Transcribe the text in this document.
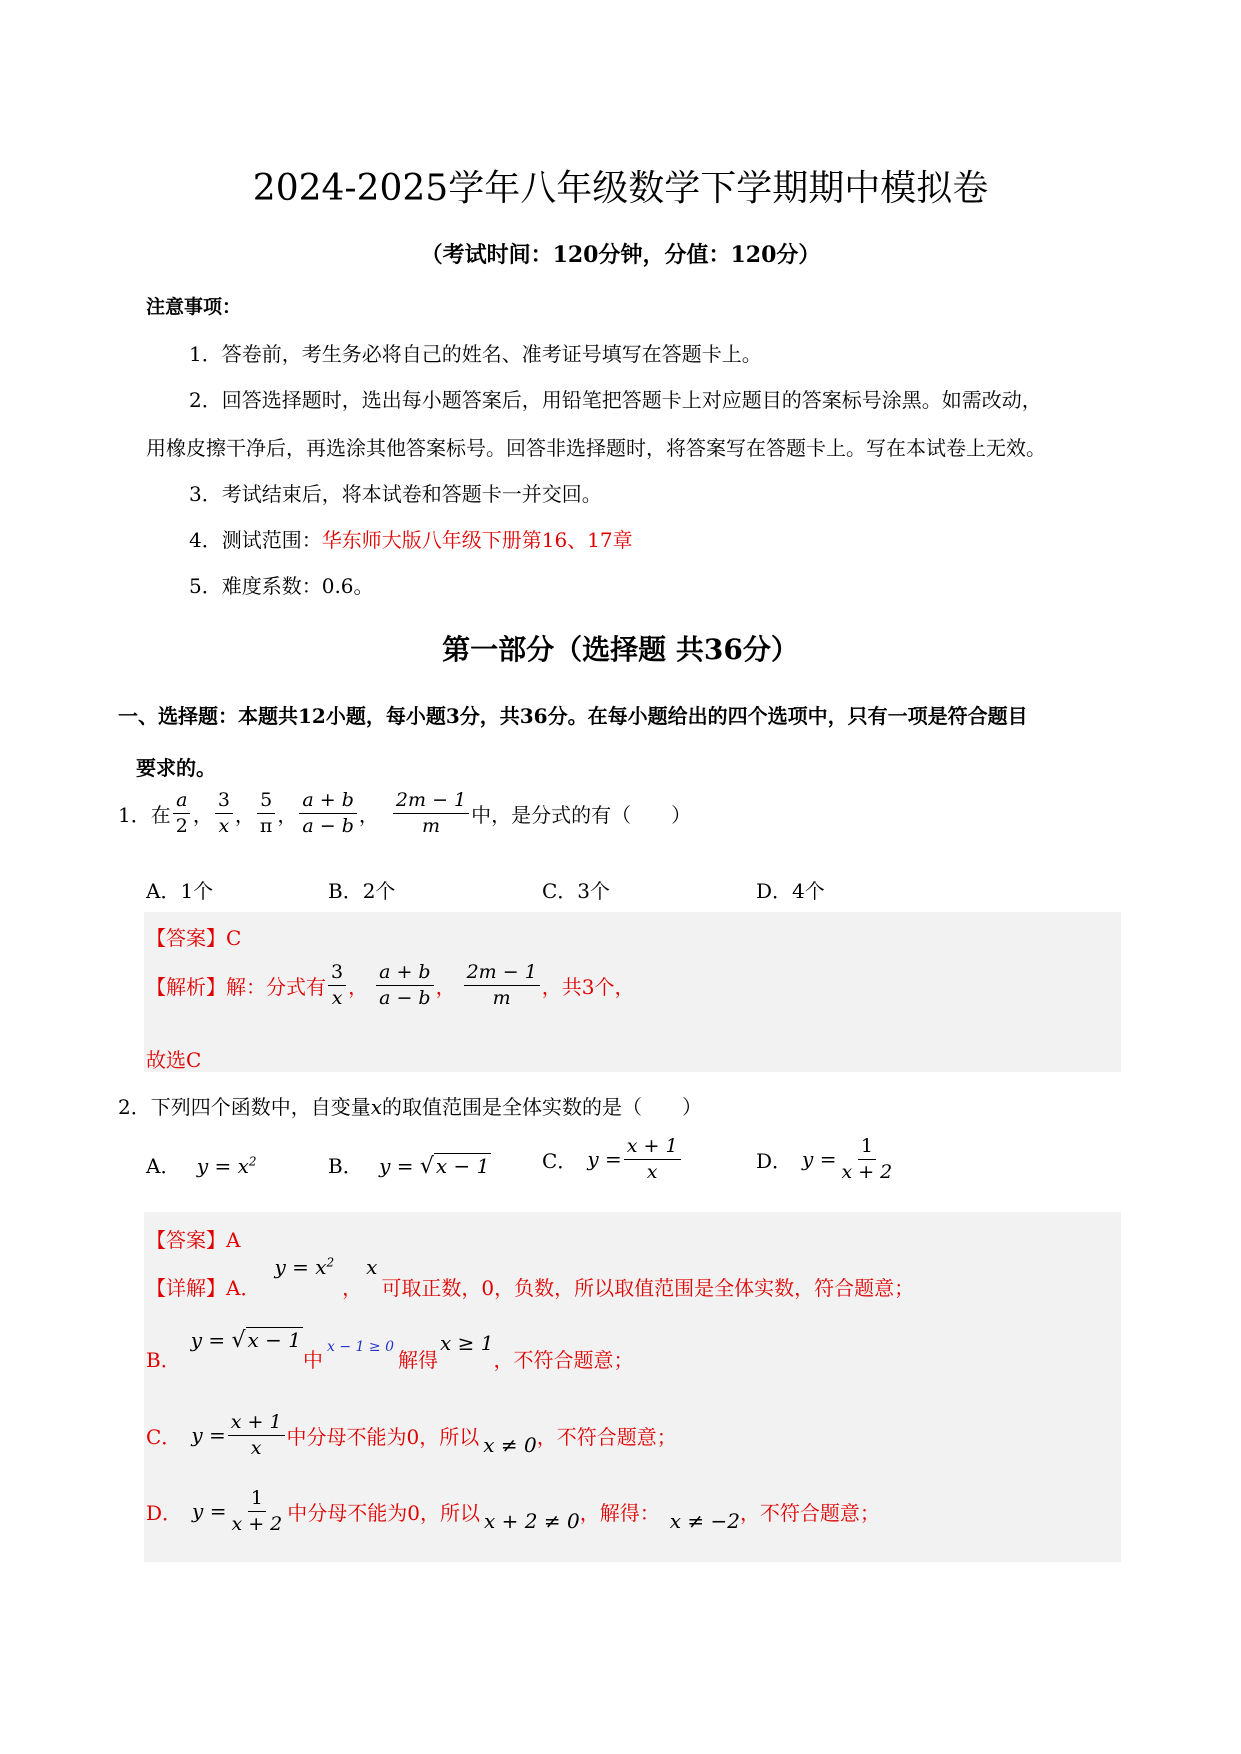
2024-2025学年八年级数学下学期期中模拟卷
（考试时间：120分钟，分值：120分）
注意事项：
1．答卷前，考生务必将自己的姓名、准考证号填写在答题卡上。
2．回答选择题时，选出每小题答案后，用铅笔把答题卡上对应题目的答案标号涂黑。如需改动，
用橡皮擦干净后，再选涂其他答案标号。回答非选择题时，将答案写在答题卡上。写在本试卷上无效。
3．考试结束后，将本试卷和答题卡一并交回。
4．测试范围：华东师大版八年级下册第16、17章
5．难度系数：0.6。
第一部分（选择题 共36分）
一、选择题：本题共12小题，每小题3分，共36分。在每小题给出的四个选项中，只有一项是符合题目
要求的。
1．在 $\frac{a}{2}$ ， $\frac{3}{x}$ ， $\frac{5}{\pi}$ ， $\frac{a + b}{a - b}$ ， $\frac{2m - 1}{m}$ 中，是分式的有（　　）
A．1个	B．2个	C．3个	D．4个
【答案】C
【解析】 解：分式有 $\frac{3}{x}$ ， $\frac{a + b}{a - b}$ ， $\frac{2m - 1}{m}$ ，共3个，
故选C
2．下列四个函数中，自变量x的取值范围是全体实数的是（　　）
A． $y = x^2$	B． y = √ x − 1	C． $y = \frac{x + 1}{x}$	D． $y = \frac{1}{x + 2}$
【答案】A
【详解】 A．
$y = x^2$
，
x
可取正数，0，负数，所以取值范围是全体实数，符合题意；
B．
y = √ x − 1
中
x − 1 ≥ 0
解得
x ≥ 1
，不符合题意；
C． $y = \frac{x + 1}{x}$ 中分母不能为0，所以 x ≠ 0 ，不符合题意；
D． $y = \frac{1}{x + 2}$ 中分母不能为0，所以 x + 2 ≠ 0 ，解得： x ≠ −2 ，不符合题意；
